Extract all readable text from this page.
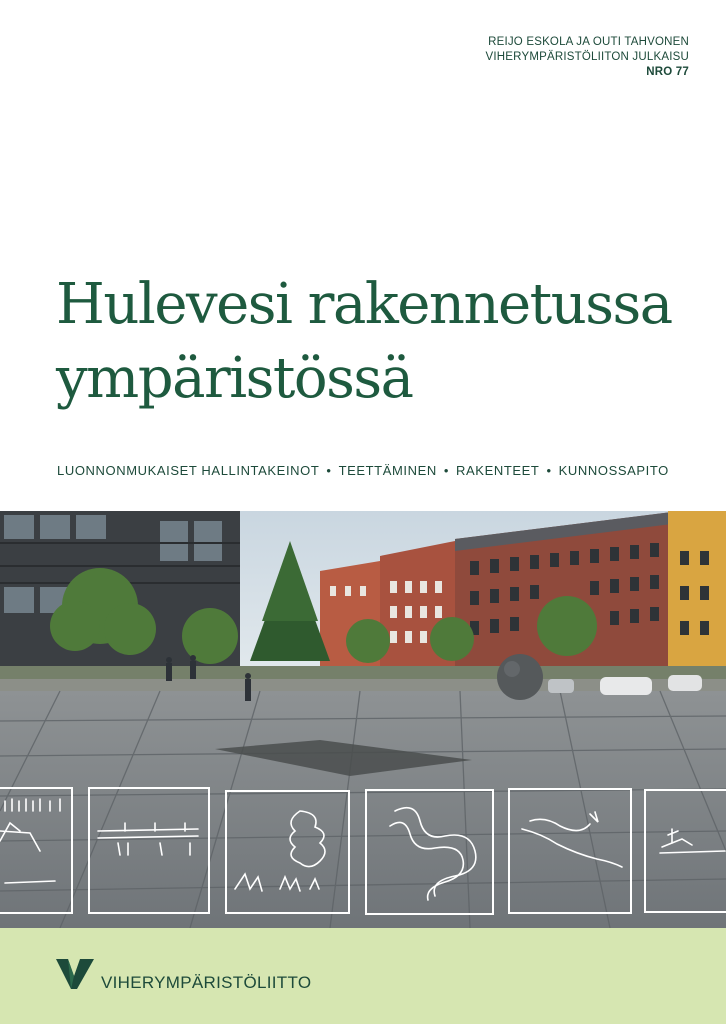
REIJO ESKOLA JA OUTI TAHVONEN
VIHERYMPÄRISTÖLIITON JULKAISU
NRO 77
Hulevesi rakennetussa
ympäristössä
LUONNONMUKAISET HALLINTAKEINOT • TEETTÄMINEN • RAKENTEET • KUNNOSSAPITO
VIHERYMPÄRISTÖLIITTO
